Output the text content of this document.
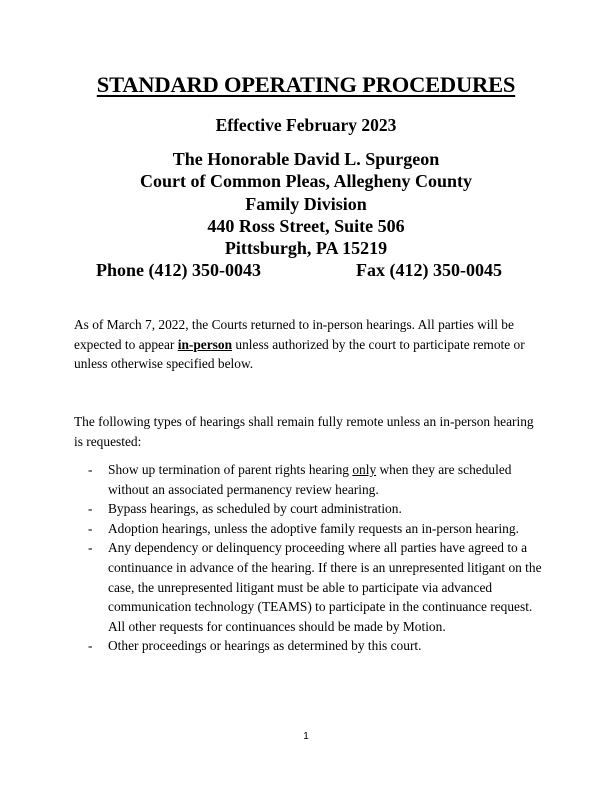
STANDARD OPERATING PROCEDURES
Effective February 2023
The Honorable David L. Spurgeon
Court of Common Pleas, Allegheny County
Family Division
440 Ross Street, Suite 506
Pittsburgh, PA 15219
Phone (412) 350-0043	Fax (412) 350-0045
As of March 7, 2022, the Courts returned to in-person hearings. All parties will be expected to appear in-person unless authorized by the court to participate remote or unless otherwise specified below.
The following types of hearings shall remain fully remote unless an in-person hearing is requested:
- Show up termination of parent rights hearing only when they are scheduled without an associated permanency review hearing.
- Bypass hearings, as scheduled by court administration.
- Adoption hearings, unless the adoptive family requests an in-person hearing.
- Any dependency or delinquency proceeding where all parties have agreed to a continuance in advance of the hearing. If there is an unrepresented litigant on the case, the unrepresented litigant must be able to participate via advanced communication technology (TEAMS) to participate in the continuance request. All other requests for continuances should be made by Motion.
- Other proceedings or hearings as determined by this court.
1
